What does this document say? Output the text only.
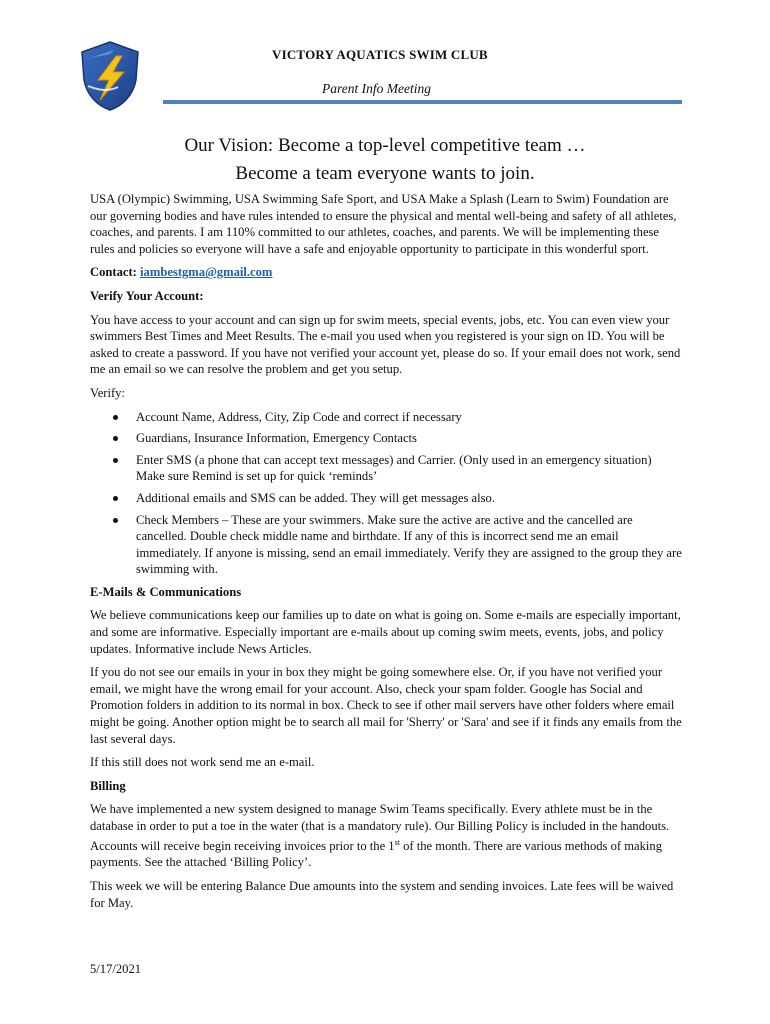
VICTORY AQUATICS SWIM CLUB
Parent Info Meeting

Our Vision: Become a top-level competitive team …

Become a team everyone wants to join.

USA (Olympic) Swimming, USA Swimming Safe Sport, and USA Make a Splash (Learn to Swim) Foundation are our governing bodies and have rules intended to ensure the physical and mental well-being and safety of all athletes, coaches, and parents. I am 110% committed to our athletes, coaches, and parents. We will be implementing these rules and policies so everyone will have a safe and enjoyable opportunity to participate in this wonderful sport.

Contact: iambestgma@gmail.com

Verify Your Account:

You have access to your account and can sign up for swim meets, special events, jobs, etc. You can even view your swimmers Best Times and Meet Results. The e-mail you used when you registered is your sign on ID. You will be asked to create a password. If you have not verified your account yet, please do so. If your email does not work, send me an email so we can resolve the problem and get you setup.

Verify:

Account Name, Address, City, Zip Code and correct if necessary
Guardians, Insurance Information, Emergency Contacts
Enter SMS (a phone that can accept text messages) and Carrier. (Only used in an emergency situation) Make sure Remind is set up for quick ‘reminds’
Additional emails and SMS can be added. They will get messages also.
Check Members – These are your swimmers. Make sure the active are active and the cancelled are cancelled. Double check middle name and birthdate. If any of this is incorrect send me an email immediately. If anyone is missing, send an email immediately. Verify they are assigned to the group they are swimming with.

E-Mails & Communications

We believe communications keep our families up to date on what is going on. Some e-mails are especially important, and some are informative. Especially important are e-mails about up coming swim meets, events, jobs, and policy updates. Informative include News Articles.

If you do not see our emails in your in box they might be going somewhere else. Or, if you have not verified your email, we might have the wrong email for your account. Also, check your spam folder. Google has Social and Promotion folders in addition to its normal in box. Check to see if other mail servers have other folders where email might be going. Another option might be to search all mail for 'Sherry' or 'Sara' and see if it finds any emails from the last several days.

If this still does not work send me an e-mail.

Billing

We have implemented a new system designed to manage Swim Teams specifically. Every athlete must be in the database in order to put a toe in the water (that is a mandatory rule). Our Billing Policy is included in the handouts. Accounts will receive begin receiving invoices prior to the 1st of the month. There are various methods of making payments. See the attached ‘Billing Policy’.

This week we will be entering Balance Due amounts into the system and sending invoices. Late fees will be waived for May.

5/17/2021
